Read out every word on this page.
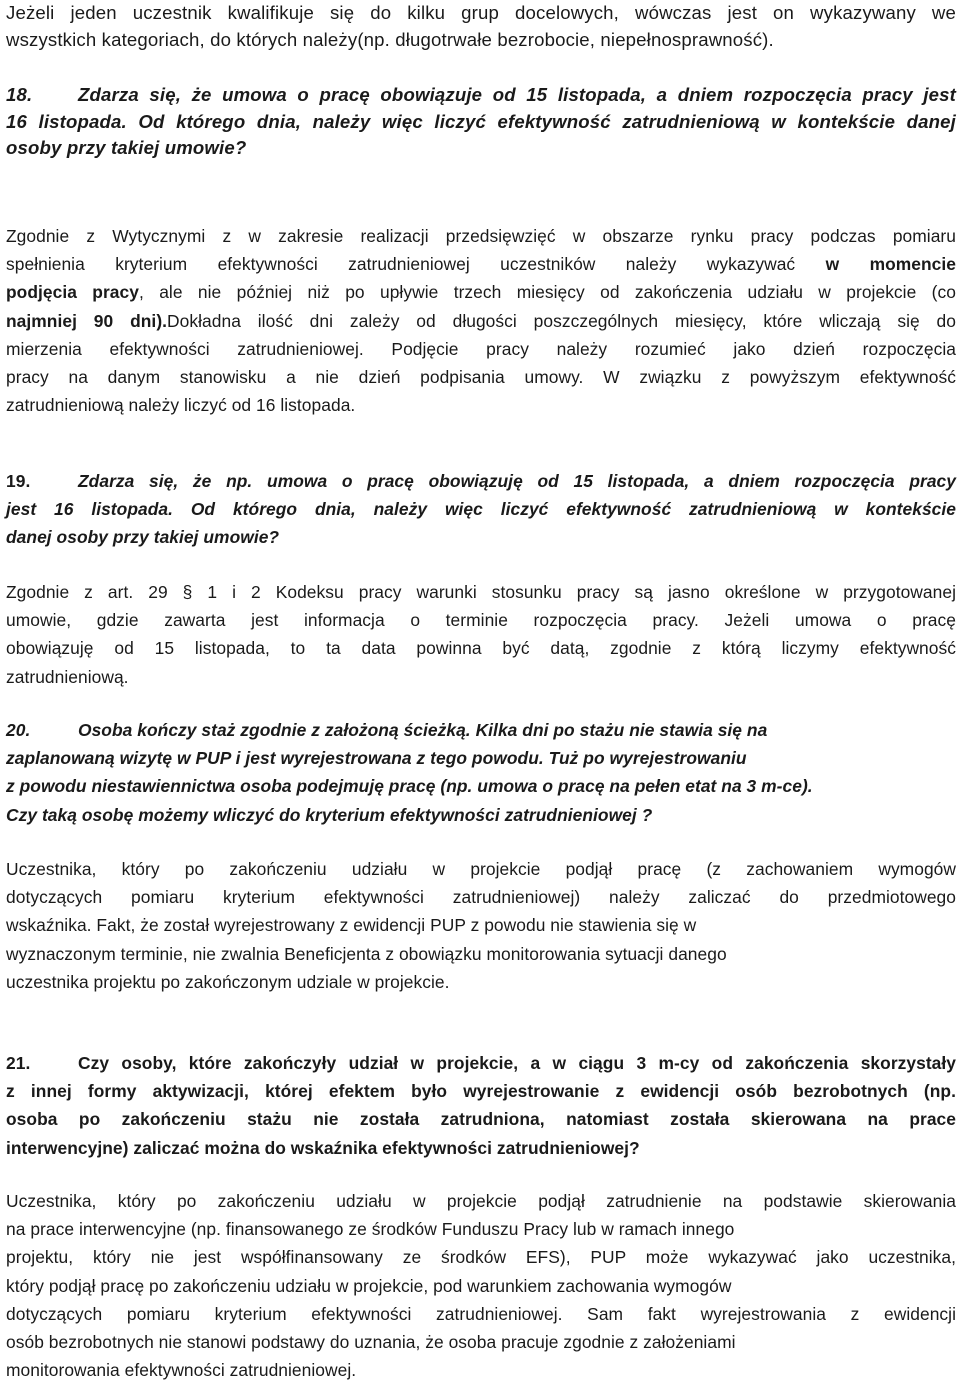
Jeżeli jeden uczestnik kwalifikuje się do kilku grup docelowych, wówczas jest on wykazywany we
wszystkich kategoriach, do których należy(np. długotrwałe bezrobocie, niepełnosprawność).
18. Zdarza się, że umowa o pracę obowiązuje od 15 listopada, a dniem rozpoczęcia pracy jest
16 listopada. Od którego dnia, należy więc liczyć efektywność zatrudnieniową w kontekście danej
osoby przy takiej umowie?
Zgodnie z Wytycznymi z w zakresie realizacji przedsięwzięć w obszarze rynku pracy podczas pomiaru
spełnienia kryterium efektywności zatrudnieniowej uczestników należy wykazywać w momencie
podjęcia pracy, ale nie później niż po upływie trzech miesięcy od zakończenia udziału w projekcie (co
najmniej 90 dni).Dokładna ilość dni zależy od długości poszczególnych miesięcy, które wliczają się do
mierzenia efektywności zatrudnieniowej. Podjęcie pracy należy rozumieć jako dzień rozpoczęcia
pracy na danym stanowisku a nie dzień podpisania umowy. W związku z powyższym efektywność
zatrudnieniową należy liczyć od 16 listopada.
19.	Zdarza się, że np. umowa o pracę obowiązuję od 15 listopada, a dniem rozpoczęcia pracy
jest 16 listopada. Od którego dnia, należy więc liczyć efektywność zatrudnieniową w kontekście
danej osoby przy takiej umowie?
Zgodnie z art. 29 § 1 i 2 Kodeksu pracy warunki stosunku pracy są jasno określone w przygotowanej
umowie, gdzie zawarta jest informacja o terminie rozpoczęcia pracy. Jeżeli umowa o pracę
obowiązuję od 15 listopada, to ta data powinna być datą, zgodnie z którą liczymy efektywność
zatrudnieniową.
20.	Osoba kończy staż zgodnie z założoną ścieżką. Kilka dni po stażu nie stawia się na
zaplanowaną wizytę w PUP i jest wyrejestrowana z tego powodu. Tuż po wyrejestrowaniu
z powodu niestawiennictwa osoba podejmuję pracę (np. umowa o pracę na pełen etat na 3 m-ce).
Czy taką osobę możemy wliczyć do kryterium efektywności zatrudnieniowej ?
Uczestnika, który po zakończeniu udziału w projekcie podjął pracę (z zachowaniem wymogów
dotyczących pomiaru kryterium efektywności zatrudnieniowej) należy zaliczać do przedmiotowego
wskaźnika. Fakt, że został wyrejestrowany z ewidencji PUP z powodu nie stawienia się w
wyznaczonym terminie, nie zwalnia Beneficjenta z obowiązku monitorowania sytuacji danego
uczestnika projektu po zakończonym udziale w projekcie.
21.	Czy osoby, które zakończyły udział w projekcie, a w ciągu 3 m-cy od zakończenia skorzystały
z innej formy aktywizacji, której efektem było wyrejestrowanie z ewidencji osób bezrobotnych (np.
osoba po zakończeniu stażu nie została zatrudniona, natomiast została skierowana na prace
interwencyjne) zaliczać można do wskaźnika efektywności zatrudnieniowej?
Uczestnika, który po zakończeniu udziału w projekcie podjął zatrudnienie na podstawie skierowania
na prace interwencyjne (np. finansowanego ze środków Funduszu Pracy lub w ramach innego
projektu, który nie jest współfinansowany ze środków EFS), PUP może wykazywać jako uczestnika,
który podjął pracę po zakończeniu udziału w projekcie, pod warunkiem zachowania wymogów
dotyczących pomiaru kryterium efektywności zatrudnieniowej. Sam fakt wyrejestrowania z ewidencji
osób bezrobotnych nie stanowi podstawy do uznania, że osoba pracuje zgodnie z założeniami
monitorowania efektywności zatrudnieniowej.
